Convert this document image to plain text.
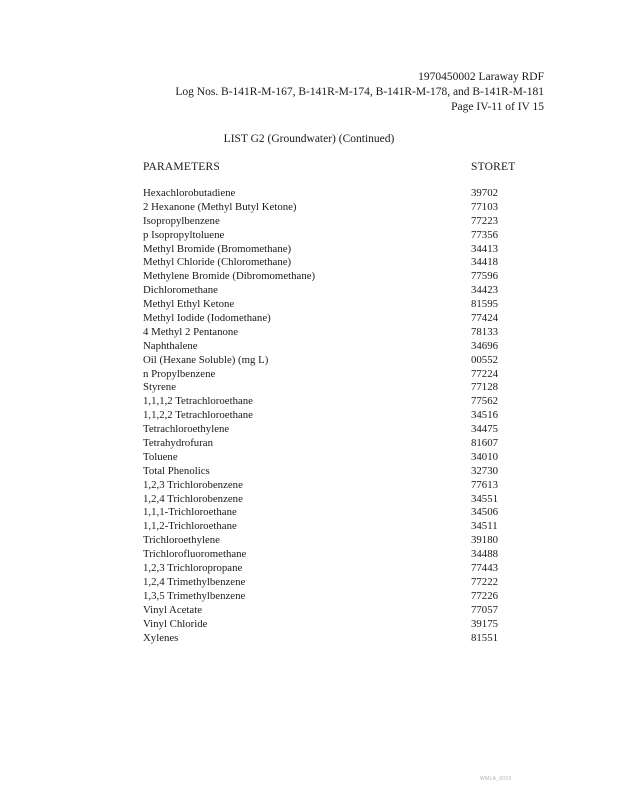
1970450002 Laraway RDF
Log Nos. B-141R-M-167, B-141R-M-174, B-141R-M-178, and B-141R-M-181
Page IV-11 of IV 15
LIST G2 (Groundwater) (Continued)
PARAMETERS	STORET
Hexachlorobutadiene	39702
2 Hexanone (Methyl Butyl Ketone)	77103
Isopropylbenzene	77223
p Isopropyltoluene	77356
Methyl Bromide (Bromomethane)	34413
Methyl Chloride (Chloromethane)	34418
Methylene Bromide (Dibromomethane)	77596
Dichloromethane	34423
Methyl Ethyl Ketone	81595
Methyl Iodide (Iodomethane)	77424
4 Methyl 2 Pentanone	78133
Naphthalene	34696
Oil (Hexane Soluble) (mg L)	00552
n Propylbenzene	77224
Styrene	77128
1,1,1,2 Tetrachloroethane	77562
1,1,2,2 Tetrachloroethane	34516
Tetrachloroethylene	34475
Tetrahydrofuran	81607
Toluene	34010
Total Phenolics	32730
1,2,3 Trichlorobenzene	77613
1,2,4 Trichlorobenzene	34551
1,1,1-Trichloroethane	34506
1,1,2-Trichloroethane	34511
Trichloroethylene	39180
Trichlorofluoromethane	34488
1,2,3 Trichloropropane	77443
1,2,4 Trimethylbenzene	77222
1,3,5 Trimethylbenzene	77226
Vinyl Acetate	77057
Vinyl Chloride	39175
Xylenes	81551
WMLA_0010
